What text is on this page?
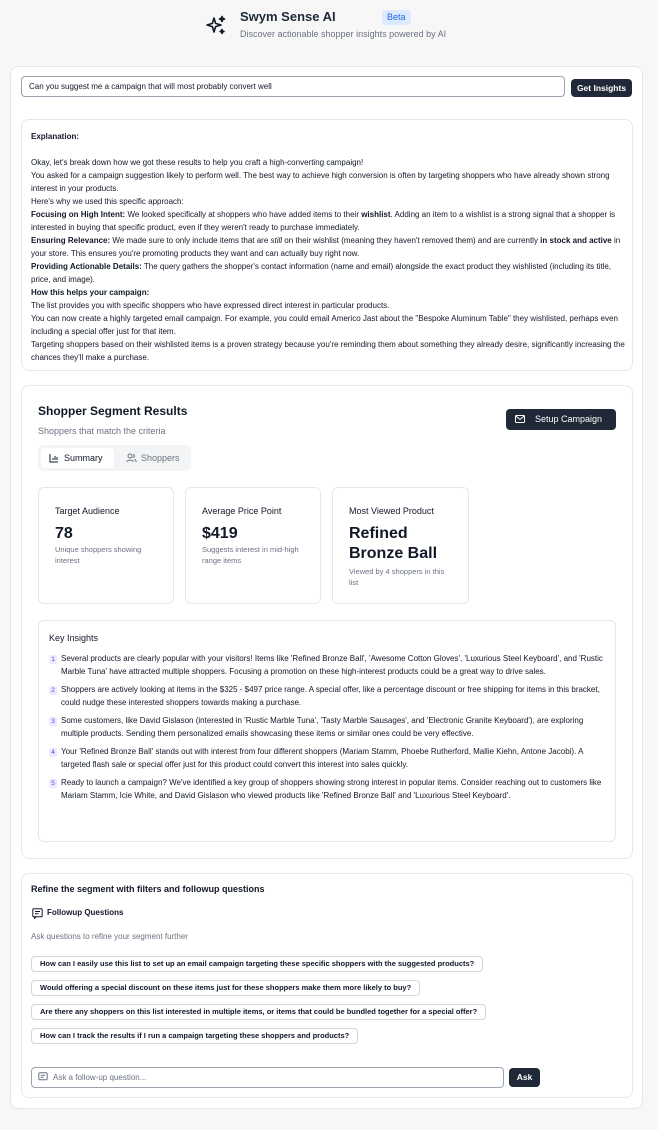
Swym Sense AI	Beta
Discover actionable shopper insights powered by AI
Can you suggest me a campaign that will most probably convert well
Get Insights

Explanation:

Okay, let's break down how we got these results to help you craft a high-converting campaign!

You asked for a campaign suggestion likely to perform well. The best way to achieve high conversion is often by targeting shoppers who have already shown strong interest in your products.

Here's why we used this specific approach:

Focusing on High Intent: We looked specifically at shoppers who have added items to their wishlist. Adding an item to a wishlist is a strong signal that a shopper is interested in buying that specific product, even if they weren't ready to purchase immediately.

Ensuring Relevance: We made sure to only include items that are still on their wishlist (meaning they haven't removed them) and are currently in stock and active in your store. This ensures you're promoting products they want and can actually buy right now.

Providing Actionable Details: The query gathers the shopper's contact information (name and email) alongside the exact product they wishlisted (including its title, price, and image).

How this helps your campaign:

The list provides you with specific shoppers who have expressed direct interest in particular products.

You can now create a highly targeted email campaign. For example, you could email Americo Jast about the "Bespoke Aluminum Table" they wishlisted, perhaps even including a special offer just for that item.

Targeting shoppers based on their wishlisted items is a proven strategy because you're reminding them about something they already desire, significantly increasing the chances they'll make a purchase.

Shopper Segment Results
Shoppers that match the criteria
Setup Campaign
Summary	Shoppers
Target Audience
78
Unique shoppers showing interest
Average Price Point
$419
Suggests interest in mid-high range items
Most Viewed Product
Refined Bronze Ball
Viewed by 4 shoppers in this list
Key Insights
1 Several products are clearly popular with your visitors! Items like 'Refined Bronze Ball', 'Awesome Cotton Gloves', 'Luxurious Steel Keyboard', and 'Rustic Marble Tuna' have attracted multiple shoppers. Focusing a promotion on these high-interest products could be a great way to drive sales.
2 Shoppers are actively looking at items in the $325 - $497 price range. A special offer, like a percentage discount or free shipping for items in this bracket, could nudge these interested shoppers towards making a purchase.
3 Some customers, like David Gislason (interested in 'Rustic Marble Tuna', 'Tasty Marble Sausages', and 'Electronic Granite Keyboard'), are exploring multiple products. Sending them personalized emails showcasing these items or similar ones could be very effective.
4 Your 'Refined Bronze Ball' stands out with interest from four different shoppers (Mariam Stamm, Phoebe Rutherford, Mallie Kiehn, Antone Jacobi). A targeted flash sale or special offer just for this product could convert this interest into sales quickly.
5 Ready to launch a campaign? We've identified a key group of shoppers showing strong interest in popular items. Consider reaching out to customers like Mariam Stamm, Icie White, and David Gislason who viewed products like 'Refined Bronze Ball' and 'Luxurious Steel Keyboard'.
Refine the segment with filters and followup questions
Followup Questions
Ask questions to refine your segment further
How can I easily use this list to set up an email campaign targeting these specific shoppers with the suggested products?
Would offering a special discount on these items just for these shoppers make them more likely to buy?
Are there any shoppers on this list interested in multiple items, or items that could be bundled together for a special offer?
How can I track the results if I run a campaign targeting these shoppers and products?
Ask a follow-up question...
Ask
